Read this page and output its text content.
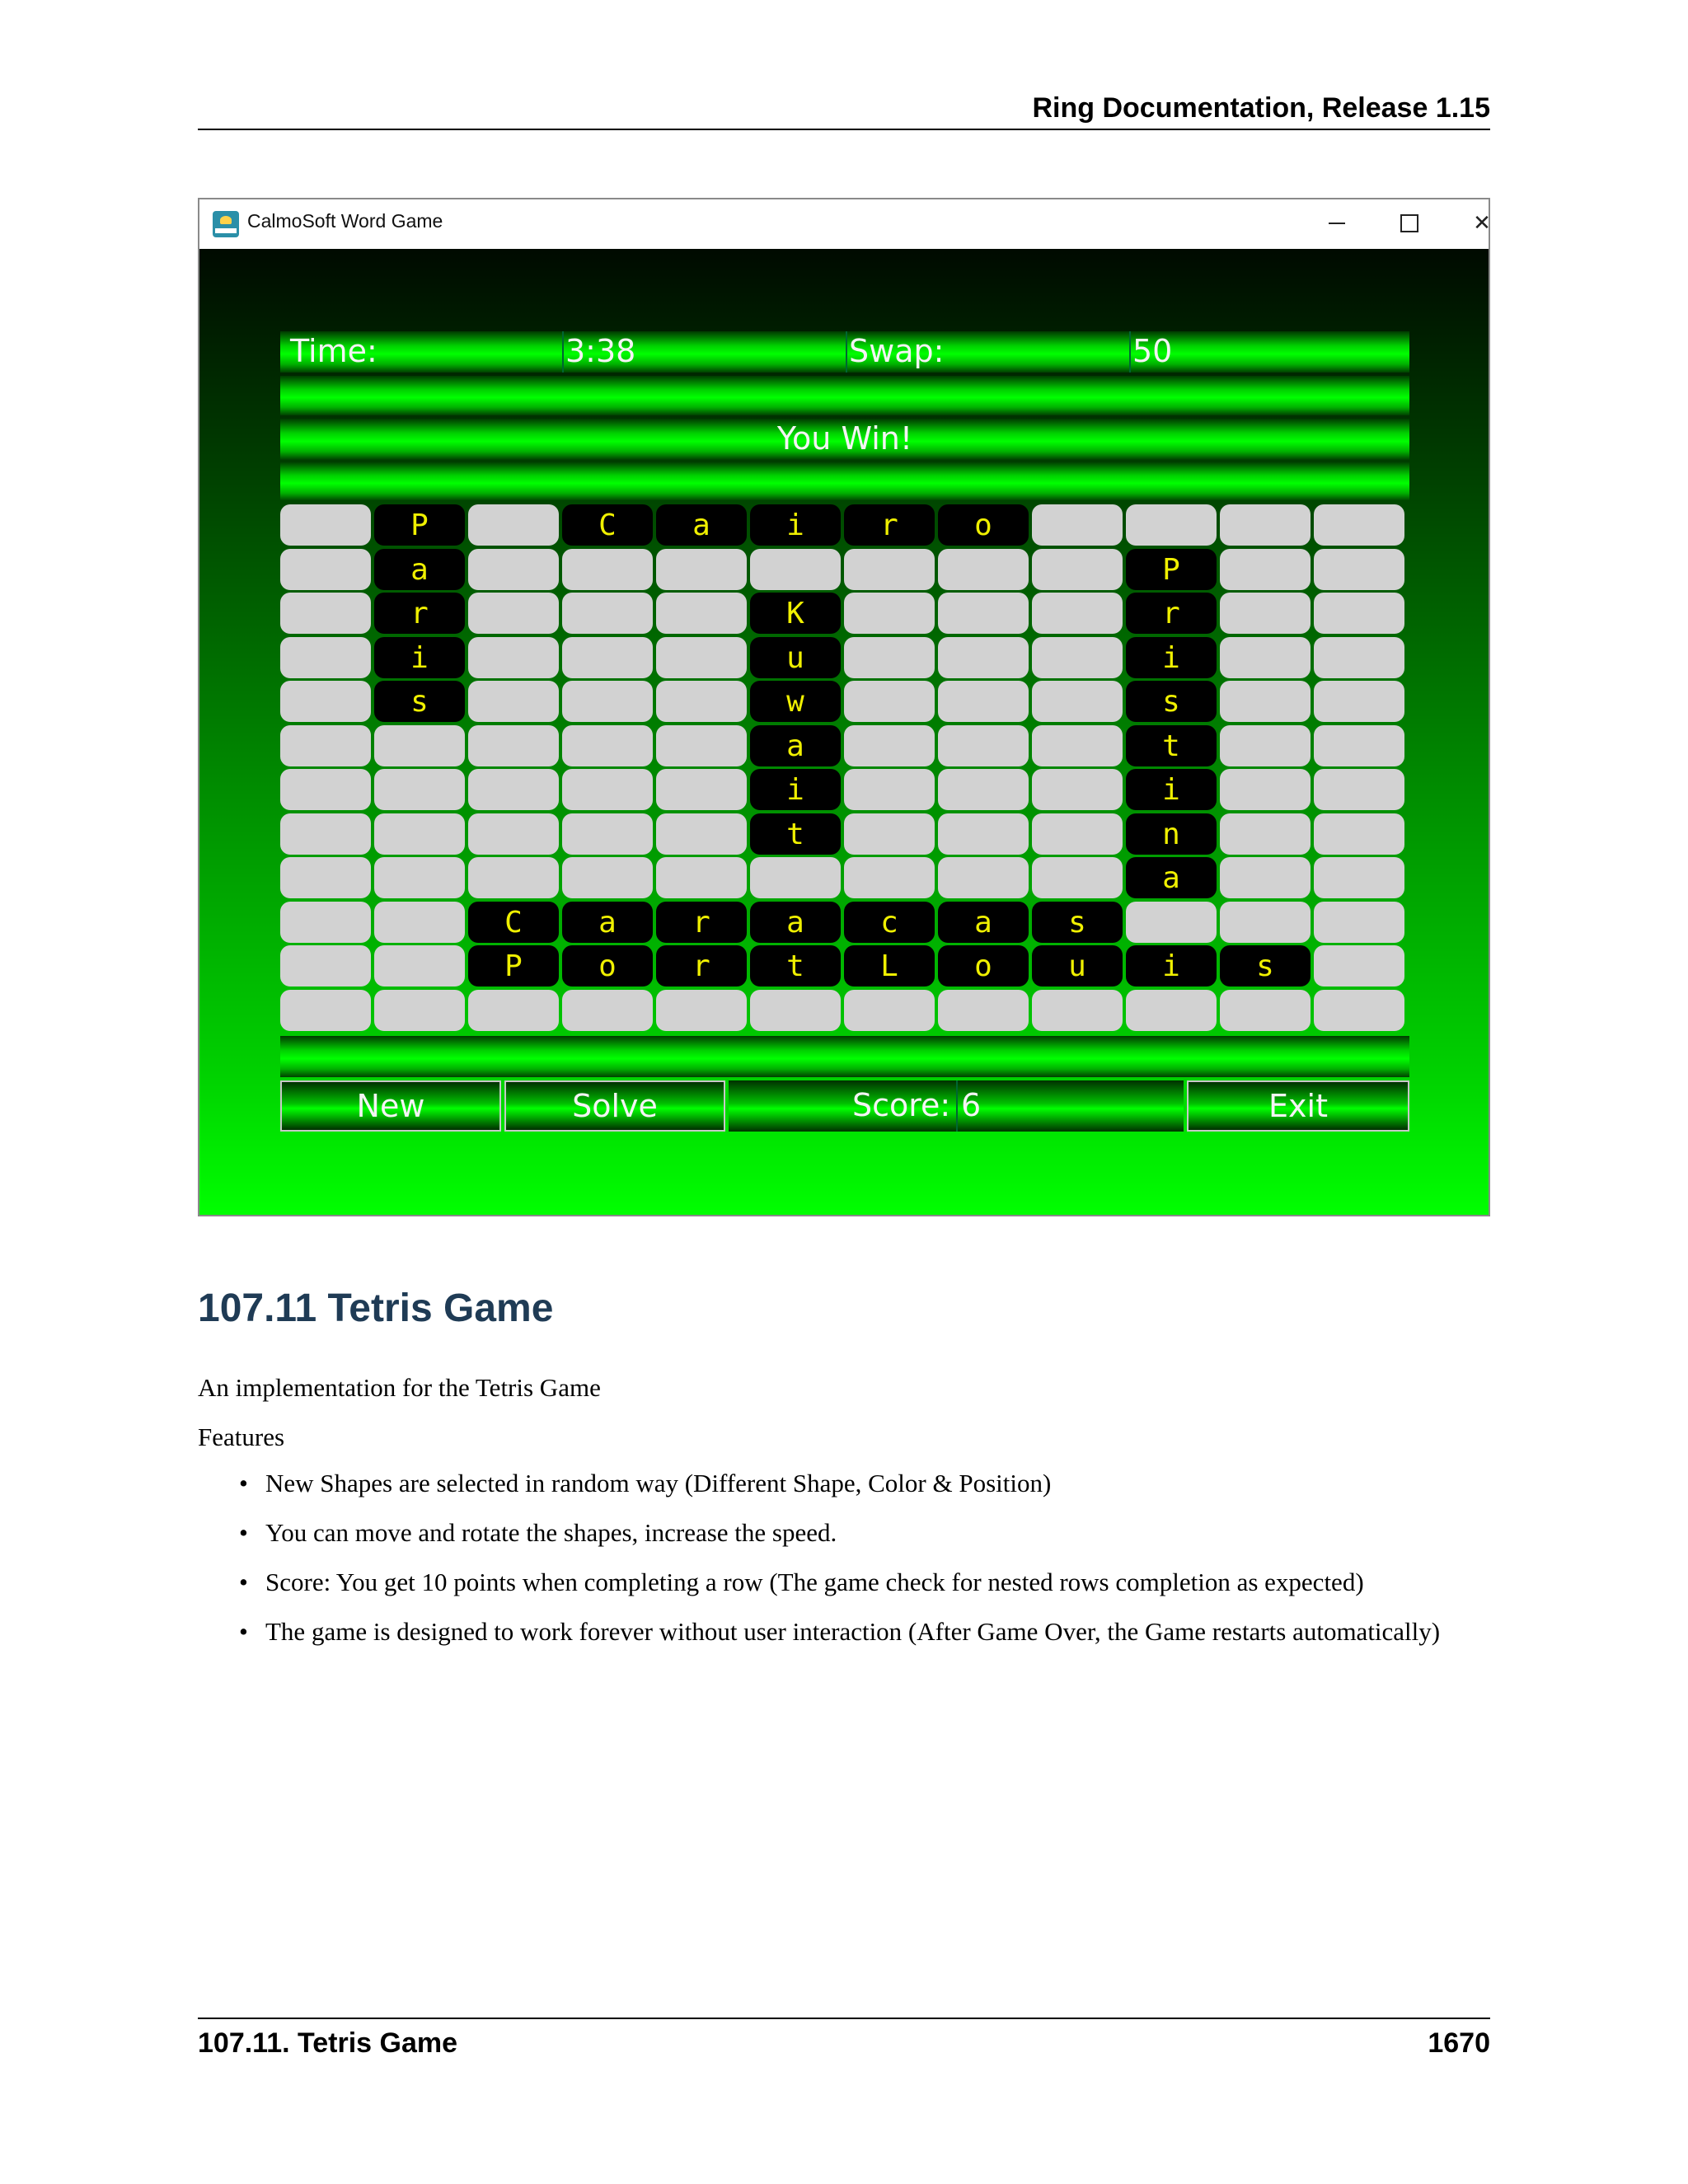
Ring Documentation, Release 1.15
CalmoSoft Word Game	✕
Time:	3:38	Swap:	50
You Win!
P	C	a	i	r	o
a	P
r	K	r
i	u	i
s	w	s
a	t
i	i
t	n
a
C	a	r	a	c	a	s
P	o	r	t	L	o	u	i	s
New	Solve	Score: 6	Exit
107.11 Tetris Game
An implementation for the Tetris Game
Features
• New Shapes are selected in random way (Different Shape, Color & Position)
• You can move and rotate the shapes, increase the speed.
• Score: You get 10 points when completing a row (The game check for nested rows completion as expected)
• The game is designed to work forever without user interaction (After Game Over, the Game restarts automatically)
107.11. Tetris Game	1670
